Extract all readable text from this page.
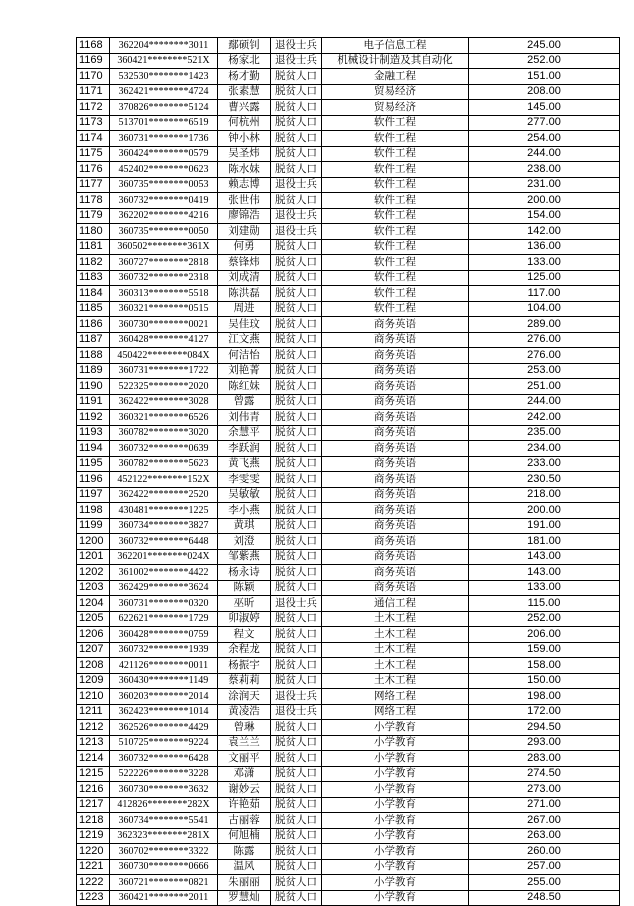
1168	362204********3011	鄢硕钊	退役士兵	电子信息工程	245.00
1169	360421********521X	杨家北	退役士兵	机械设计制造及其自动化	252.00
1170	532530********1423	杨才勤	脱贫人口	金融工程	151.00
1171	362421********4724	张素慧	脱贫人口	贸易经济	208.00
1172	370826********5124	曹兴露	脱贫人口	贸易经济	145.00
1173	513701********6519	何杭州	脱贫人口	软件工程	277.00
1174	360731********1736	钟小林	脱贫人口	软件工程	254.00
1175	360424********0579	吴圣炜	脱贫人口	软件工程	244.00
1176	452402********0623	陈水妹	脱贫人口	软件工程	238.00
1177	360735********0053	赖志博	退役士兵	软件工程	231.00
1178	360732********0419	张世伟	脱贫人口	软件工程	200.00
1179	362202********4216	廖锦浩	退役士兵	软件工程	154.00
1180	360735********0050	刘建勋	退役士兵	软件工程	142.00
1181	360502********361X	何勇	脱贫人口	软件工程	136.00
1182	360727********2818	蔡锋炜	脱贫人口	软件工程	133.00
1183	360732********2318	刘成清	脱贫人口	软件工程	125.00
1184	360313********5518	陈洪磊	脱贫人口	软件工程	117.00
1185	360321********0515	周进	脱贫人口	软件工程	104.00
1186	360730********0021	吴佳玟	脱贫人口	商务英语	289.00
1187	360428********4127	江文燕	脱贫人口	商务英语	276.00
1188	450422********084X	何洁怡	脱贫人口	商务英语	276.00
1189	360731********1722	刘艳菁	脱贫人口	商务英语	253.00
1190	522325********2020	陈红妹	脱贫人口	商务英语	251.00
1191	362422********3028	曾露	脱贫人口	商务英语	244.00
1192	360321********6526	刘伟青	脱贫人口	商务英语	242.00
1193	360782********3020	余慧平	脱贫人口	商务英语	235.00
1194	360732********0639	李跃润	脱贫人口	商务英语	234.00
1195	360782********5623	黄飞燕	脱贫人口	商务英语	233.00
1196	452122********152X	李雯雯	脱贫人口	商务英语	230.50
1197	362422********2520	吴敏敏	脱贫人口	商务英语	218.00
1198	430481********1225	李小燕	脱贫人口	商务英语	200.00
1199	360734********3827	黄琪	脱贫人口	商务英语	191.00
1200	360732********6448	刘澄	脱贫人口	商务英语	181.00
1201	362201********024X	邹紫燕	脱贫人口	商务英语	143.00
1202	361002********4422	杨永诗	脱贫人口	商务英语	143.00
1203	362429********3624	陈颖	脱贫人口	商务英语	133.00
1204	360731********0320	巫昕	退役士兵	通信工程	115.00
1205	622621********1729	卯淑婷	脱贫人口	土木工程	252.00
1206	360428********0759	程文	脱贫人口	土木工程	206.00
1207	360732********1939	余程龙	脱贫人口	土木工程	159.00
1208	421126********0011	杨振宇	脱贫人口	土木工程	158.00
1209	360430********1149	蔡莉莉	脱贫人口	土木工程	150.00
1210	360203********2014	涂润天	退役士兵	网络工程	198.00
1211	362423********1014	黄凌浩	退役士兵	网络工程	172.00
1212	362526********4429	曾琳	脱贫人口	小学教育	294.50
1213	510725********9224	袁兰兰	脱贫人口	小学教育	293.00
1214	360732********6428	文丽平	脱贫人口	小学教育	283.00
1215	522226********3228	邓潇	脱贫人口	小学教育	274.50
1216	360730********3632	谢妙云	脱贫人口	小学教育	273.00
1217	412826********282X	许艳茹	脱贫人口	小学教育	271.00
1218	360734********5541	古丽蓉	脱贫人口	小学教育	267.00
1219	362323********281X	何旭楠	脱贫人口	小学教育	263.00
1220	360702********3322	陈露	脱贫人口	小学教育	260.00
1221	360730********0666	温风	脱贫人口	小学教育	257.00
1222	360721********0821	朱丽丽	脱贫人口	小学教育	255.00
1223	360421********2011	罗慧灿	脱贫人口	小学教育	248.50
